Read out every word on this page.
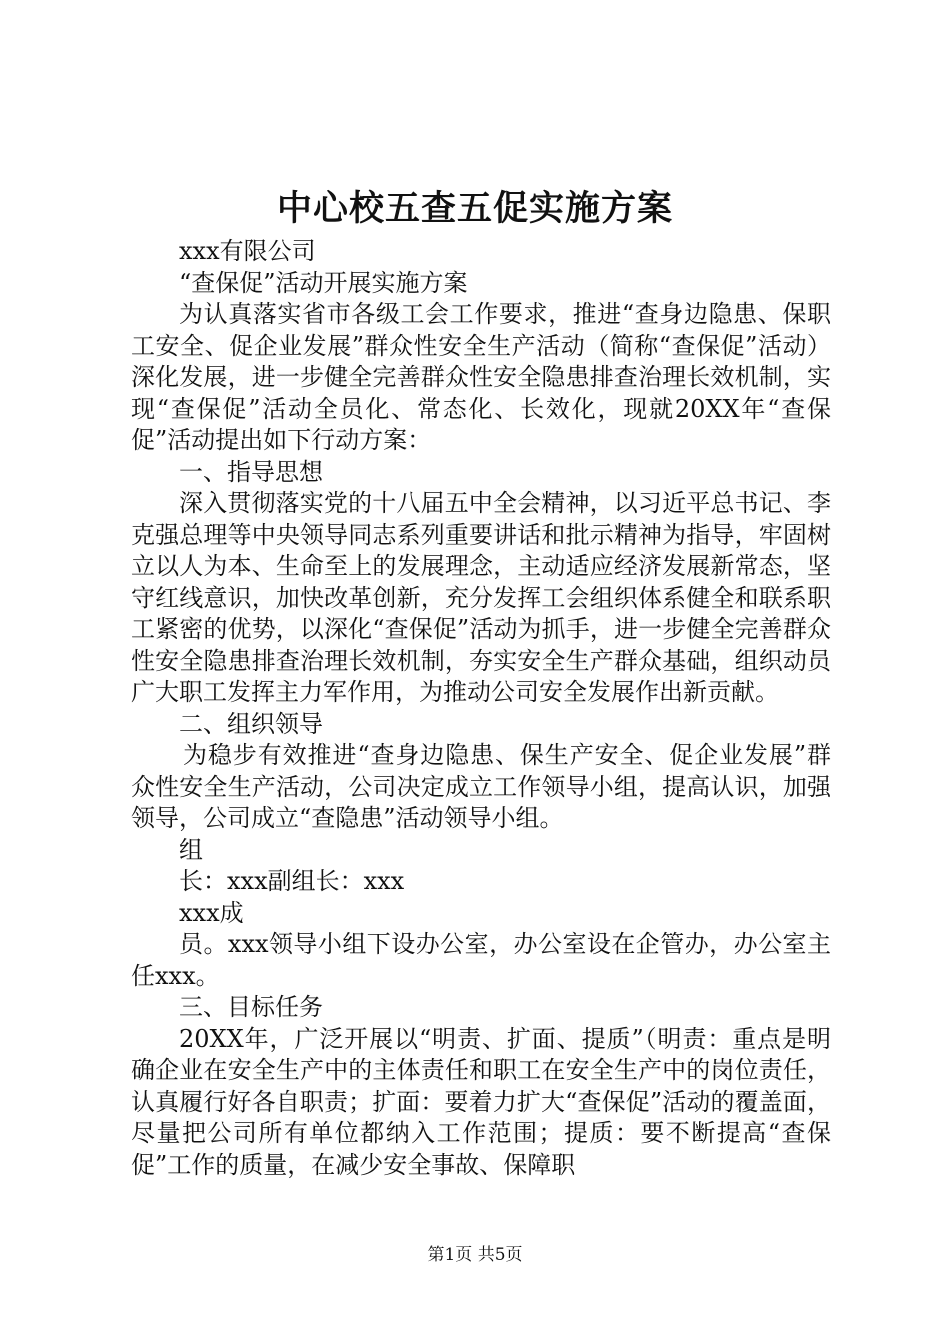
中心校五查五促实施方案

xxx有限公司

“查保促”活动开展实施方案

为认真落实省市各级工会工作要求，推进“查身边隐患、保职工安全、促企业发展”群众性安全生产活动（简称“查保促”活动）深化发展，进一步健全完善群众性安全隐患排查治理长效机制，实现“查保促”活动全员化、常态化、长效化，现就20XX年“查保促”活动提出如下行动方案：

一、指导思想

深入贯彻落实党的十八届五中全会精神，以习近平总书记、李克强总理等中央领导同志系列重要讲话和批示精神为指导，牢固树立以人为本、生命至上的发展理念，主动适应经济发展新常态，坚守红线意识，加快改革创新，充分发挥工会组织体系健全和联系职工紧密的优势，以深化“查保促”活动为抓手，进一步健全完善群众性安全隐患排查治理长效机制，夯实安全生产群众基础，组织动员广大职工发挥主力军作用，为推动公司安全发展作出新贡献。

二、组织领导

为稳步有效推进“查身边隐患、保生产安全、促企业发展”群众性安全生产活动，公司决定成立工作领导小组，提高认识，加强领导，公司成立“查隐患”活动领导小组。

组

长：xxx副组长：xxx

xxx成

员。xxx领导小组下设办公室，办公室设在企管办，办公室主任xxx。

三、目标任务

20XX年，广泛开展以“明责、扩面、提质”（明责：重点是明确企业在安全生产中的主体责任和职工在安全生产中的岗位责任，认真履行好各自职责；扩面：要着力扩大“查保促”活动的覆盖面，尽量把公司所有单位都纳入工作范围；提质：要不断提高“查保促”工作的质量，在减少安全事故、保障职

第1页 共5页
